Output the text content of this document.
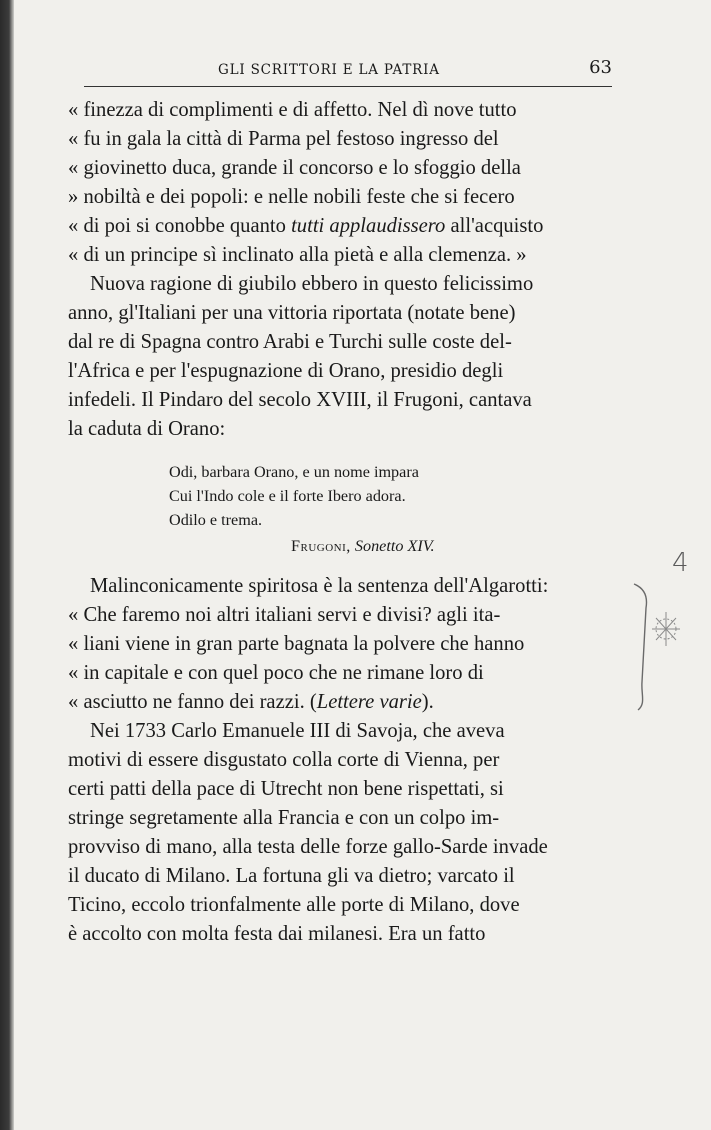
GLI SCRITTORI E LA PATRIA	63
« finezza di complimenti e di affetto. Nel dì nove tutto
« fu in gala la città di Parma pel festoso ingresso del
« giovinetto duca, grande il concorso e lo sfoggio della
» nobiltà e dei popoli: e nelle nobili feste che si fecero
« di poi si conobbe quanto tutti applaudissero all'acquisto
« di un principe sì inclinato alla pietà e alla clemenza. »
Nuova ragione di giubilo ebbero in questo felicissimo
anno, gl'Italiani per una vittoria riportata (notate bene)
dal re di Spagna contro Arabi e Turchi sulle coste del-
l'Africa e per l'espugnazione di Orano, presidio degli
infedeli. Il Pindaro del secolo XVIII, il Frugoni, cantava
la caduta di Orano:
Odi, barbara Orano, e un nome impara
Cui l'Indo cole e il forte Ibero adora.
Odilo e trema.
Frugoni, Sonetto XIV.
Malinconicamente spiritosa è la sentenza dell'Algarotti:
« Che faremo noi altri italiani servi e divisi? agli ita-
« liani viene in gran parte bagnata la polvere che hanno
« in capitale e con quel poco che ne rimane loro di
« asciutto ne fanno dei razzi. (Lettere varie).
Nei 1733 Carlo Emanuele III di Savoja, che aveva
motivi di essere disgustato colla corte di Vienna, per
certi patti della pace di Utrecht non bene rispettati, si
stringe segretamente alla Francia e con un colpo im-
provviso di mano, alla testa delle forze gallo-Sarde invade
il ducato di Milano. La fortuna gli va dietro; varcato il
Ticino, eccolo trionfalmente alle porte di Milano, dove
è accolto con molta festa dai milanesi. Era un fatto
4
